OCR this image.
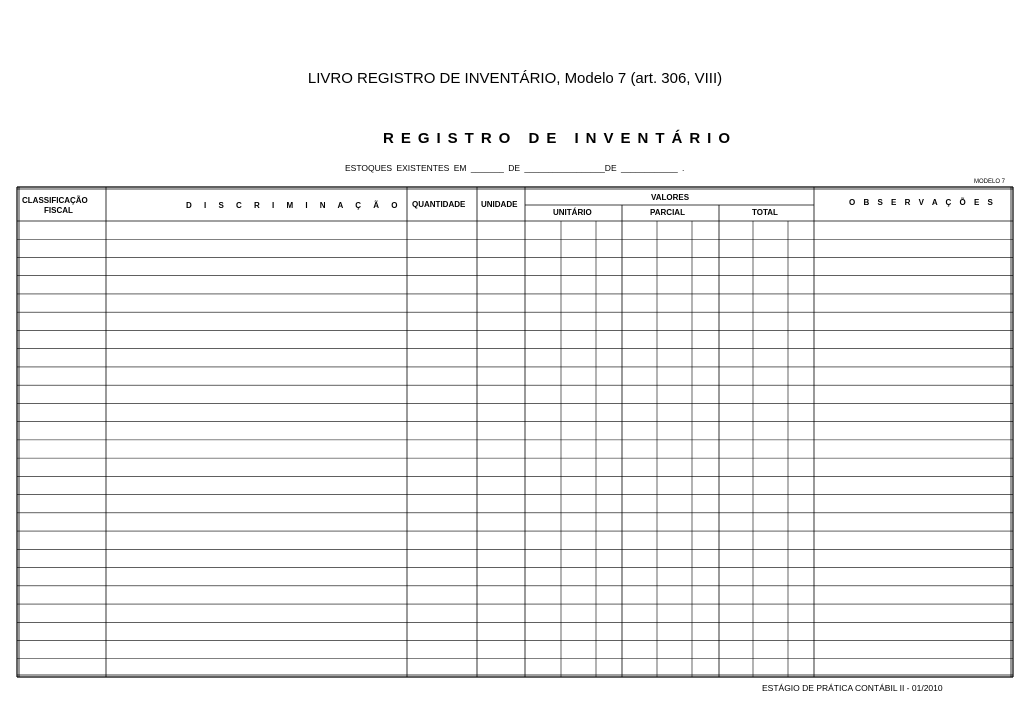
LIVRO REGISTRO DE INVENTÁRIO, Modelo 7 (art. 306, VIII)
REGISTRO DE INVENTÁRIO
ESTOQUES EXISTENTES EM _______ DE _________________DE ____________ .
MODELO 7
CLASSIFICAÇÃO
FISCAL
D I S C R I M I N A Ç Ã O QUANTIDADE UNIDADE
VALORES
UNITÁRIO	PARCIAL	TOTAL
O B S E R V A Ç Õ E S
ESTÁGIO DE PRÁTICA CONTÁBIL II - 01/2010
